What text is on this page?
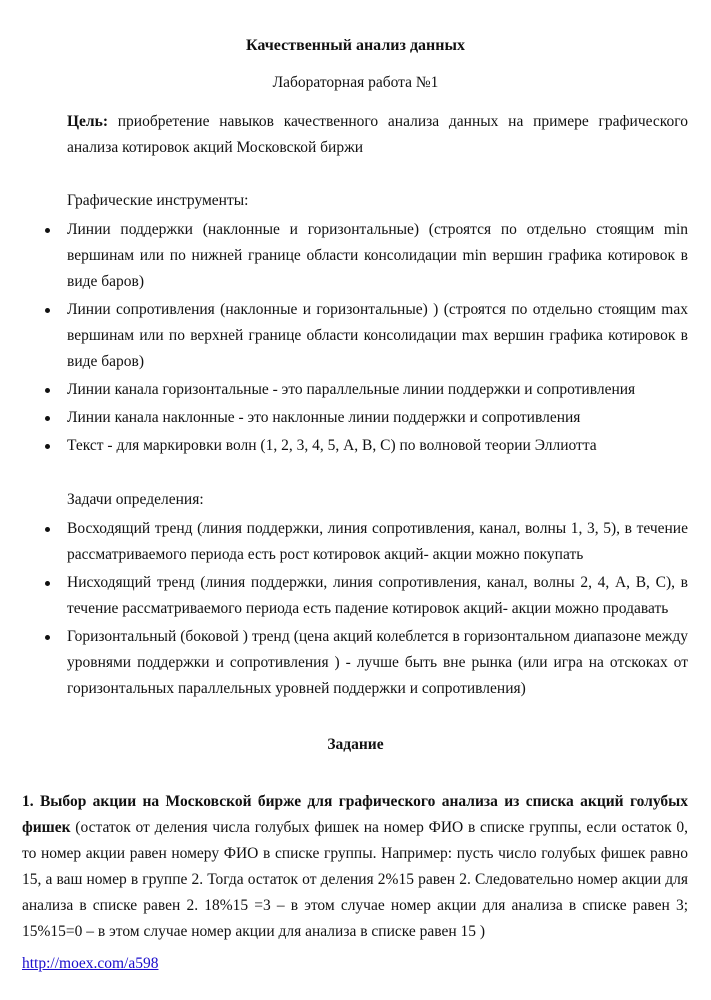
Качественный анализ данных
Лабораторная работа №1
Цель: приобретение навыков качественного анализа данных на примере графического анализа котировок акций Московской биржи
Графические инструменты:
Линии поддержки (наклонные и горизонтальные) (строятся по отдельно стоящим min вершинам или по нижней границе области консолидации min вершин графика котировок в виде баров)
Линии сопротивления (наклонные и горизонтальные) ) (строятся по отдельно стоящим max вершинам или по верхней границе области консолидации max вершин графика котировок в виде баров)
Линии канала горизонтальные - это параллельные линии поддержки и сопротивления
Линии канала наклонные - это наклонные линии поддержки и сопротивления
Текст - для маркировки волн (1, 2, 3, 4, 5, A, B, C) по волновой теории Эллиотта
Задачи определения:
Восходящий тренд (линия поддержки, линия сопротивления, канал, волны 1, 3, 5), в течение рассматриваемого периода есть рост котировок акций- акции можно покупать
Нисходящий тренд (линия поддержки, линия сопротивления, канал, волны 2, 4, A, B, C), в течение рассматриваемого периода есть падение котировок акций- акции можно продавать
Горизонтальный (боковой ) тренд (цена акций колеблется в горизонтальном диапазоне между уровнями поддержки и сопротивления ) - лучше быть вне рынка (или игра на отскоках от горизонтальных параллельных уровней поддержки и сопротивления)
Задание
1. Выбор акции на Московской бирже для графического анализа из списка акций голубых фишек (остаток от деления числа голубых фишек на номер ФИО в списке группы, если остаток 0, то номер акции равен номеру ФИО в списке группы. Например: пусть число голубых фишек равно 15, а ваш номер в группе 2. Тогда остаток от деления 2%15 равен 2. Следовательно номер акции для анализа в списке равен 2. 18%15 =3 – в этом случае номер акции для анализа в списке равен 3; 15%15=0 – в этом случае номер акции для анализа в списке равен 15 )
http://moex.com/a598
